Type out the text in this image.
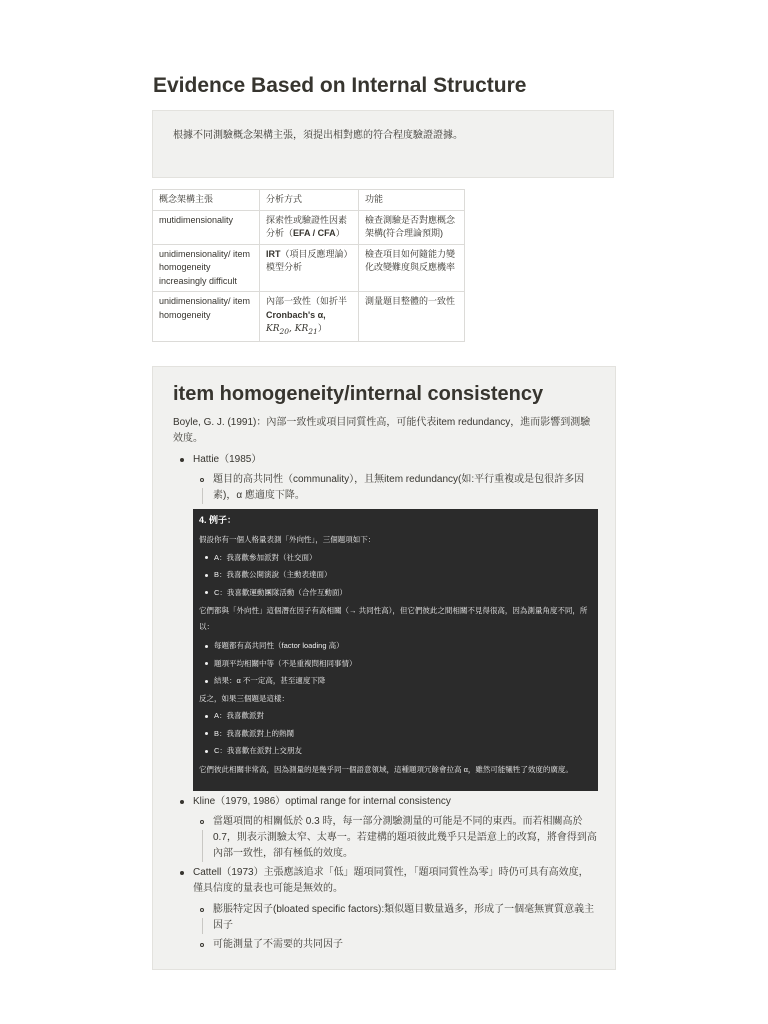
Evidence Based on Internal Structure
根據不同測驗概念架構主張，須提出相對應的符合程度驗證證據。
概念架構主張	分析方式	功能
mutidimensionality	探索性或驗證性因素分析（EFA / CFA）	檢查測驗是否對應概念架構(符合理論預期)
unidimensionality/ item homogeneity increasingly difficult	IRT（項目反應理論）模型分析	檢查項目如何隨能力變化改變難度與反應機率
unidimensionality/ item homogeneity	內部一致性（如折半
Cronbach's α,
$KR_{20}$, $KR_{21}$）	測量題目整體的一致性
item homogeneity/internal consistency
Boyle, G. J. (1991)：內部一致性或項目同質性高，可能代表item redundancy，進而影響到測驗效度。
Hattie（1985）
題目的高共同性（communality），且無item redundancy(如:平行重複或是包很許多因素)，α 應適度下降。
4. 例子：
假設你有一個人格量表測「外向性」，三個題項如下：
A：我喜歡參加派對（社交面）
B：我喜歡公開演說（主動表達面）
C：我喜歡運動團隊活動（合作互動面）
它們都與「外向性」這個潛在因子有高相關（→ 共同性高），但它們彼此之間相關不見得很高，因為測量角度不同，所以：
每題都有高共同性（factor loading 高）
題項平均相關中等（不是重複問相同事情）
結果：α 不一定高，甚至適度下降
反之，如果三個題是這樣：
A：我喜歡派對
B：我喜歡派對上的熱鬧
C：我喜歡在派對上交朋友
它們彼此相關非常高，因為測量的是幾乎同一個語意領域，這種題項冗餘會拉高 α，雖然可能犧牲了效度的廣度。
Kline（1979, 1986）optimal range for internal consistency
當題項間的相關低於 0.3 時，每一部分測驗測量的可能是不同的東西。而若相關高於 0.7，則表示測驗太窄、太專一。若建構的題項彼此幾乎只是語意上的改寫，將會得到高內部一致性，卻有極低的效度。
Cattell（1973）主張應該追求「低」題項同質性，「題項同質性為零」時仍可具有高效度，僅具信度的量表也可能是無效的。
膨脹特定因子(bloated specific factors):類似題目數量過多，形成了一個毫無實質意義主因子
可能測量了不需要的共同因子
